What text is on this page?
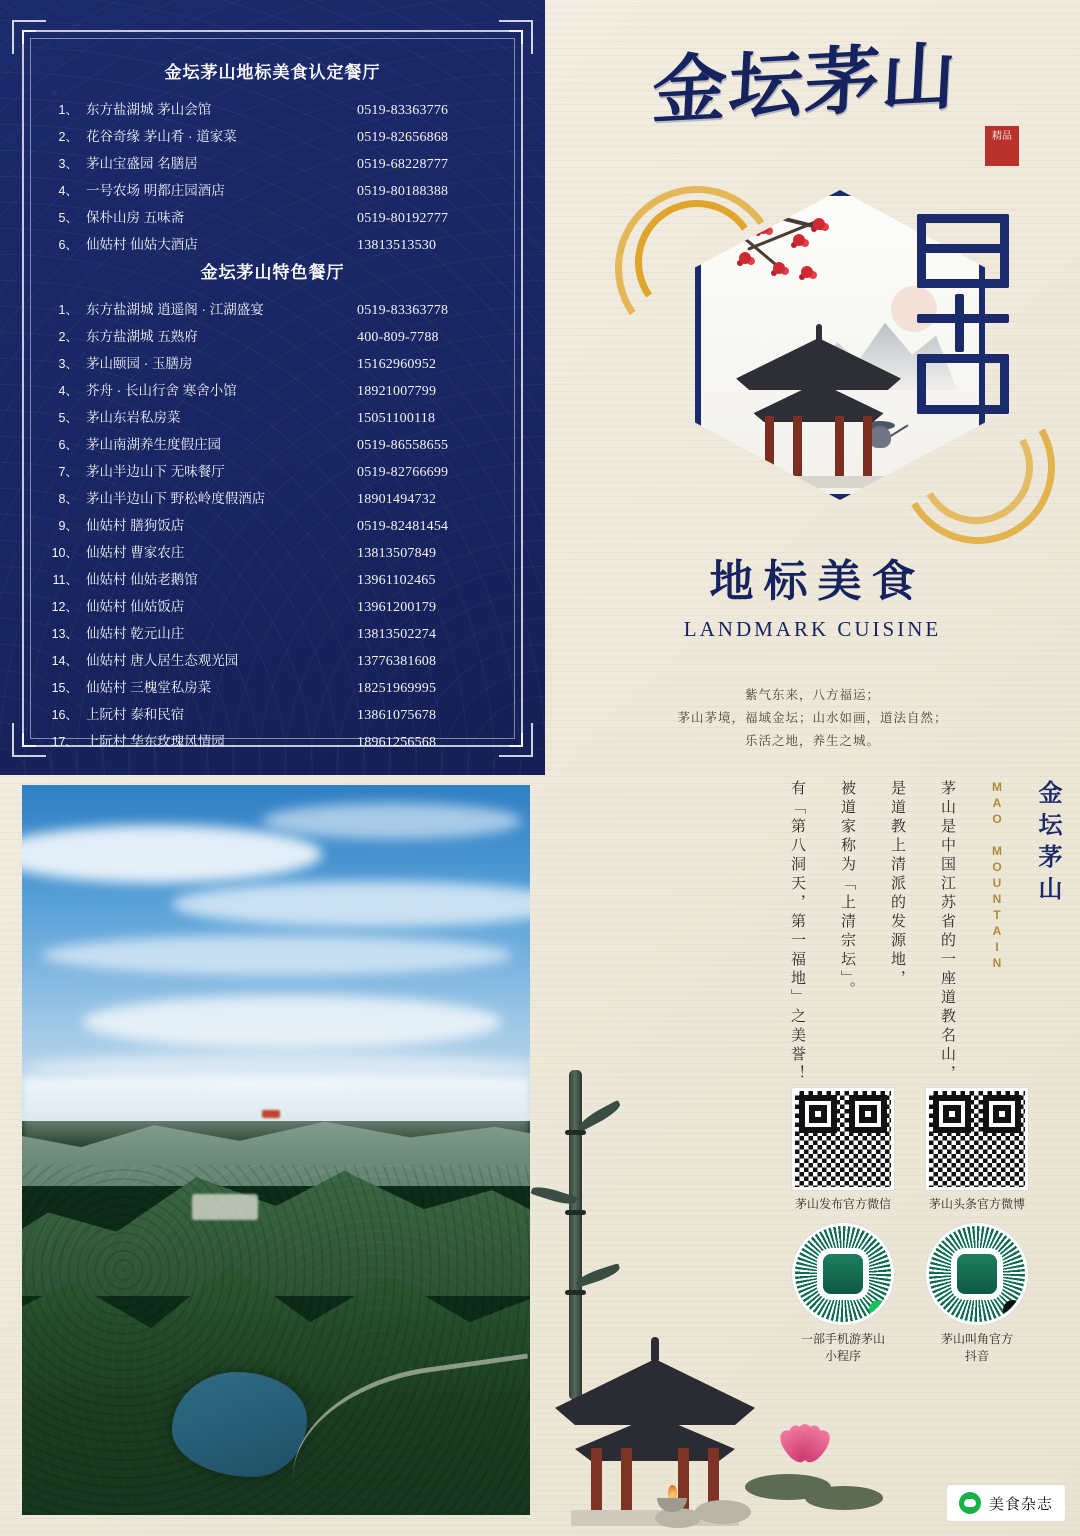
金坛茅山地标美食认定餐厅
1、 东方盐湖城 茅山会馆	0519-83363776
2、 花谷奇缘 茅山肴 · 道家菜	0519-82656868
3、 茅山宝盛园 名膳居	0519-68228777
4、 一号农场 明都庄园酒店	0519-80188388
5、 保朴山房 五味斋	0519-80192777
6、 仙姑村 仙姑大酒店	13813513530
金坛茅山特色餐厅
1、 东方盐湖城 逍遥阁 · 江湖盛宴	0519-83363778
2、 东方盐湖城 五熟府	400-809-7788
3、 茅山颐园 · 玉膳房	15162960952
4、 芥舟 · 长山行舍 寒舍小馆	18921007799
5、 茅山东岩私房菜	15051100118
6、 茅山南湖养生度假庄园	0519-86558655
7、 茅山半边山下 无味餐厅	0519-82766699
8、 茅山半边山下 野松岭度假酒店	18901494732
9、 仙姑村 膳狗饭店	0519-82481454
10、 仙姑村 曹家农庄	13813507849
11、 仙姑村 仙姑老鹅馆	13961102465
12、 仙姑村 仙姑饭店	13961200179
13、 仙姑村 乾元山庄	13813502274
14、 仙姑村 唐人居生态观光园	13776381608
15、 仙姑村 三槐堂私房菜	18251969995
16、 上阮村 泰和民宿	13861075678
17、 上阮村 华东玫瑰风情园	18961256568
金坛茅山
精品
地标美食
LANDMARK CUISINE
紫气东来，八方福运；
茅山茅境，福域金坛；山水如画，道法自然；
乐活之地，养生之城。
金坛茅山
MAO MOUNTAIN
茅山是中国江苏省的一座道教名山，
是道教上清派的发源地，
被道家称为「上清宗坛」。
有「第八洞天，第一福地」之美誉！
茅山发布官方微信	茅山头条官方微博
♪
一部手机游茅山
小程序
♪
茅山叫角官方
抖音
美食杂志
